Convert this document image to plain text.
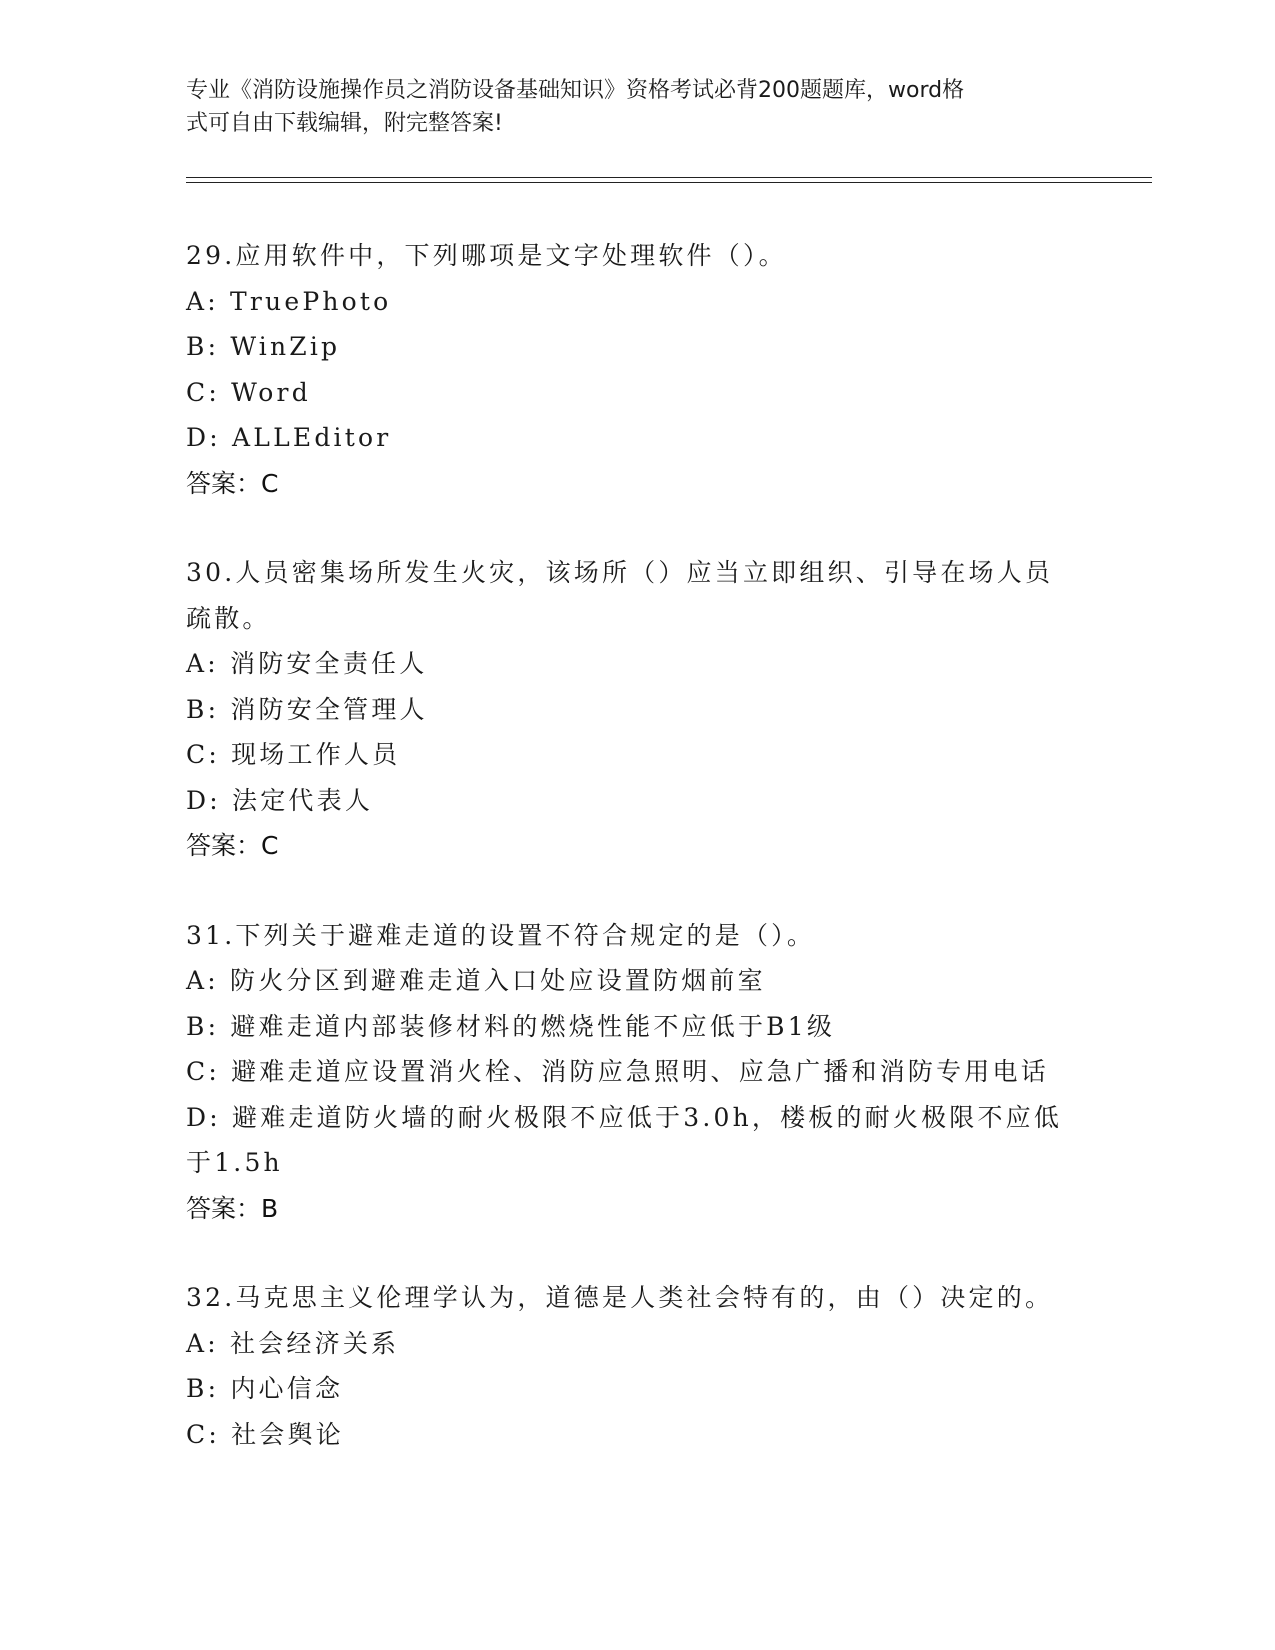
专业《消防设施操作员之消防设备基础知识》资格考试必背200题题库，word格
式可自由下载编辑，附完整答案!

29.应用软件中，下列哪项是文字处理软件（）。

A: TruePhoto

B: WinZip

C: Word

D: ALLEditor

答案：C

30.人员密集场所发生火灾，该场所（）应当立即组织、引导在场人员

疏散。

A: 消防安全责任人

B: 消防安全管理人

C: 现场工作人员

D: 法定代表人

答案：C

31.下列关于避难走道的设置不符合规定的是（）。

A: 防火分区到避难走道入口处应设置防烟前室

B: 避难走道内部装修材料的燃烧性能不应低于B1级

C: 避难走道应设置消火栓、消防应急照明、应急广播和消防专用电话

D: 避难走道防火墙的耐火极限不应低于3.0h，楼板的耐火极限不应低

于1.5h

答案：B

32.马克思主义伦理学认为，道德是人类社会特有的，由（）决定的。

A: 社会经济关系

B: 内心信念

C: 社会舆论
